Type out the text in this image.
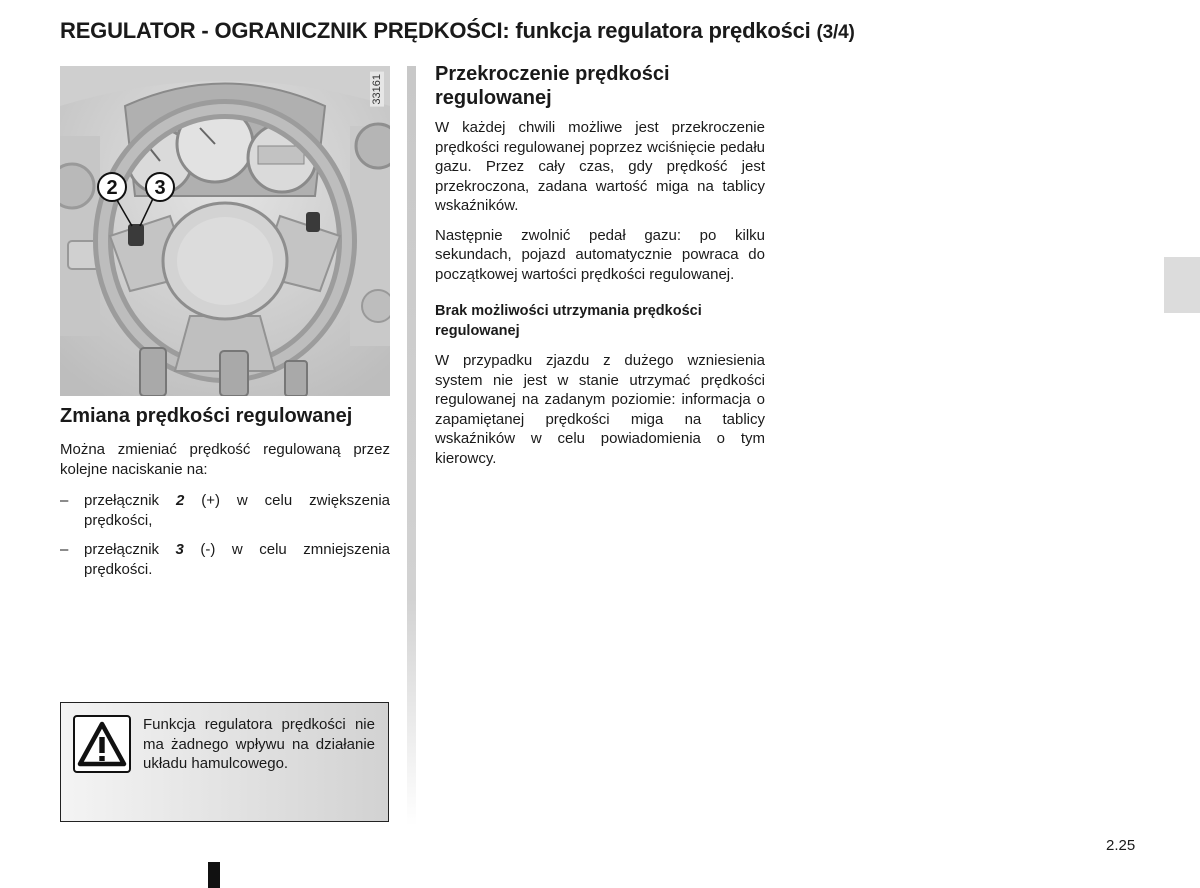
REGULATOR - OGRANICZNIK PRĘDKOŚCI: funkcja regulatora prędkości (3/4)
33161
2 3
Zmiana prędkości regulowanej

Można zmieniać prędkość regulowaną przez kolejne naciskanie na:

– przełącznik 2 (+) w celu zwiększenia prędkości,
– przełącznik 3 (-) w celu zmniejszenia prędkości.
Przekroczenie prędkości regulowanej

W każdej chwili możliwe jest przekroczenie prędkości regulowanej poprzez wciśnięcie pedału gazu. Przez cały czas, gdy prędkość jest przekroczona, zadana wartość miga na tablicy wskaźników.

Następnie zwolnić pedał gazu: po kilku sekundach, pojazd automatycznie powraca do początkowej wartości prędkości regulowanej.

Brak możliwości utrzymania prędkości regulowanej

W przypadku zjazdu z dużego wzniesienia system nie jest w stanie utrzymać prędkości regulowanej na zadanym poziomie: informacja o zapamiętanej prędkości miga na tablicy wskaźników w celu powiadomienia o tym kierowcy.

Funkcja regulatora prędkości nie ma żadnego wpływu na działanie układu hamulcowego.

2.25
